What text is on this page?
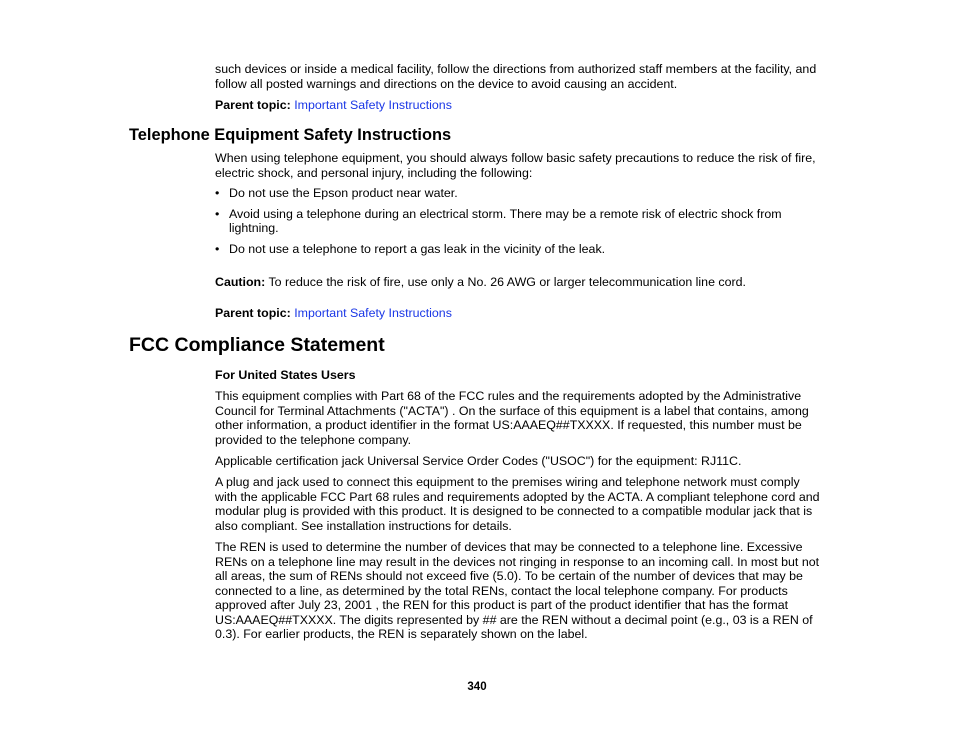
such devices or inside a medical facility, follow the directions from authorized staff members at the facility, and follow all posted warnings and directions on the device to avoid causing an accident.
Parent topic: Important Safety Instructions
Telephone Equipment Safety Instructions
When using telephone equipment, you should always follow basic safety precautions to reduce the risk of fire, electric shock, and personal injury, including the following:
• Do not use the Epson product near water.
• Avoid using a telephone during an electrical storm. There may be a remote risk of electric shock from lightning.
• Do not use a telephone to report a gas leak in the vicinity of the leak.
Caution: To reduce the risk of fire, use only a No. 26 AWG or larger telecommunication line cord.
Parent topic: Important Safety Instructions
FCC Compliance Statement
For United States Users
This equipment complies with Part 68 of the FCC rules and the requirements adopted by the Administrative Council for Terminal Attachments ("ACTA") . On the surface of this equipment is a label that contains, among other information, a product identifier in the format US:AAAEQ##TXXXX. If requested, this number must be provided to the telephone company.
Applicable certification jack Universal Service Order Codes ("USOC") for the equipment: RJ11C.
A plug and jack used to connect this equipment to the premises wiring and telephone network must comply with the applicable FCC Part 68 rules and requirements adopted by the ACTA. A compliant telephone cord and modular plug is provided with this product. It is designed to be connected to a compatible modular jack that is also compliant. See installation instructions for details.
The REN is used to determine the number of devices that may be connected to a telephone line. Excessive RENs on a telephone line may result in the devices not ringing in response to an incoming call. In most but not all areas, the sum of RENs should not exceed five (5.0). To be certain of the number of devices that may be connected to a line, as determined by the total RENs, contact the local telephone company. For products approved after July 23, 2001 , the REN for this product is part of the product identifier that has the format US:AAAEQ##TXXXX. The digits represented by ## are the REN without a decimal point (e.g., 03 is a REN of 0.3). For earlier products, the REN is separately shown on the label.
340
